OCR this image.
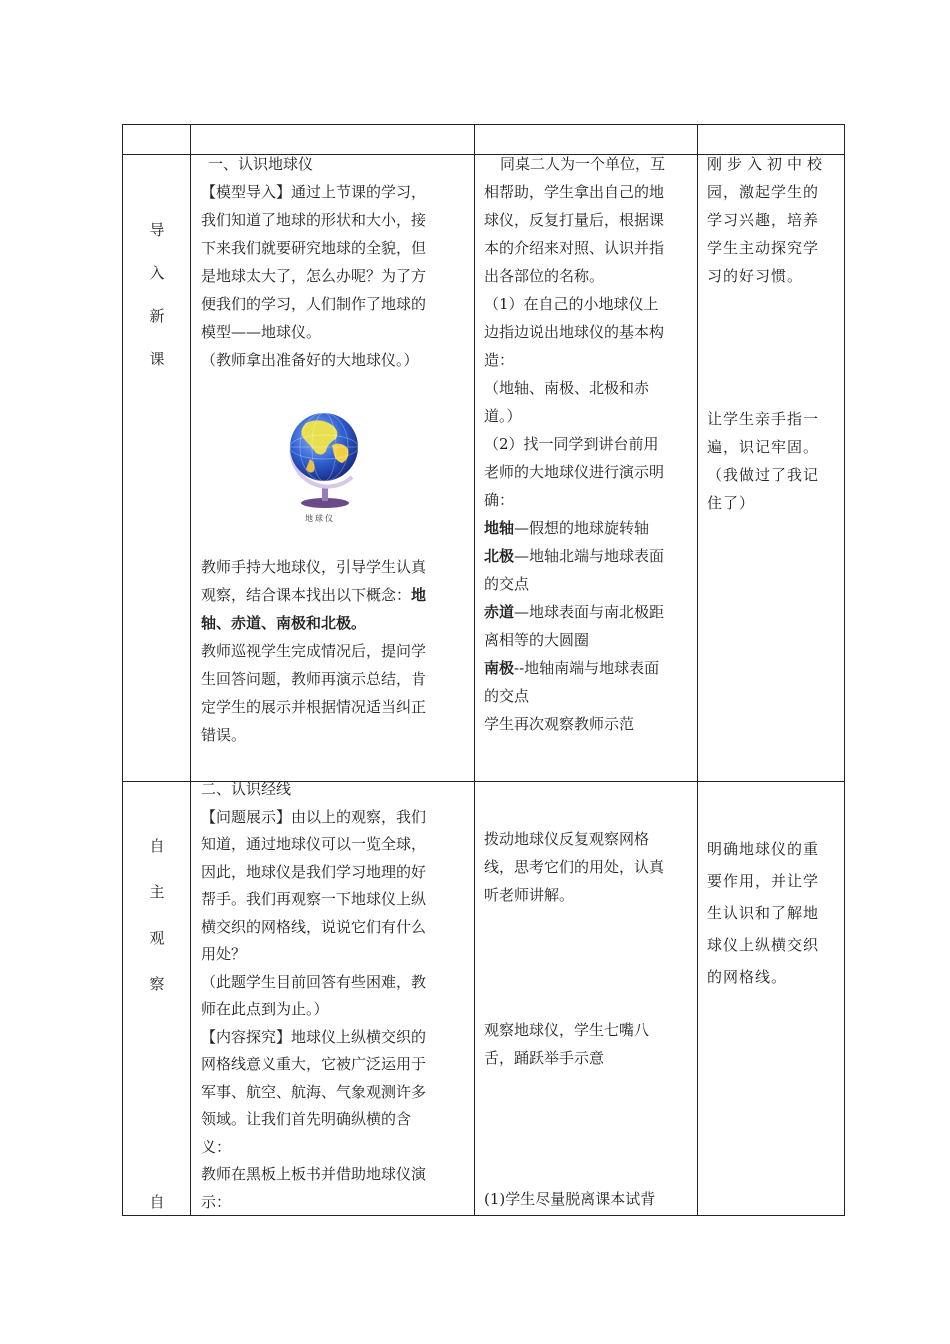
导

入

新

课

一、认识地球仪

【模型导入】通过上节课的学习，

我们知道了地球的形状和大小，接

下来我们就要研究地球的全貌，但

是地球太大了，怎么办呢？为了方

便我们的学习，人们制作了地球的

模型——地球仪。

（教师拿出准备好的大地球仪。）

地球仪

教师手持大地球仪，引导学生认真

观察，结合课本找出以下概念：地

轴、赤道、南极和北极。

教师巡视学生完成情况后，提问学

生回答问题，教师再演示总结，肯

定学生的展示并根据情况适当纠正

错误。

同桌二人为一个单位，互

相帮助，学生拿出自己的地

球仪，反复打量后，根据课

本的介绍来对照、认识并指

出各部位的名称。

（1）在自己的小地球仪上

边指边说出地球仪的基本构

造：

（地轴、南极、北极和赤

道。）

（2）找一同学到讲台前用

老师的大地球仪进行演示明

确：

地轴—假想的地球旋转轴

北极—地轴北端与地球表面

的交点

赤道—地球表面与南北极距

离相等的大圆圈

南极--地轴南端与地球表面

的交点

学生再次观察教师示范

刚步入初中校

园，激起学生的

学习兴趣，培养

学生主动探究学

习的好习惯。

让学生亲手指一

遍，识记牢固。

（我做过了我记

住了）

自

主

观

察

自

二、认识经线

【问题展示】由以上的观察，我们

知道，通过地球仪可以一览全球，

因此，地球仪是我们学习地理的好

帮手。我们再观察一下地球仪上纵

横交织的网格线，说说它们有什么

用处？

（此题学生目前回答有些困难，教

师在此点到为止。）

【内容探究】地球仪上纵横交织的

网格线意义重大，它被广泛运用于

军事、航空、航海、气象观测许多

领域。让我们首先明确纵横的含

义：

教师在黑板上板书并借助地球仪演

示：

拨动地球仪反复观察网格

线，思考它们的用处，认真

听老师讲解。

观察地球仪，学生七嘴八

舌，踊跃举手示意

(1)学生尽量脱离课本试背

明确地球仪的重

要作用，并让学

生认识和了解地

球仪上纵横交织

的网格线。
